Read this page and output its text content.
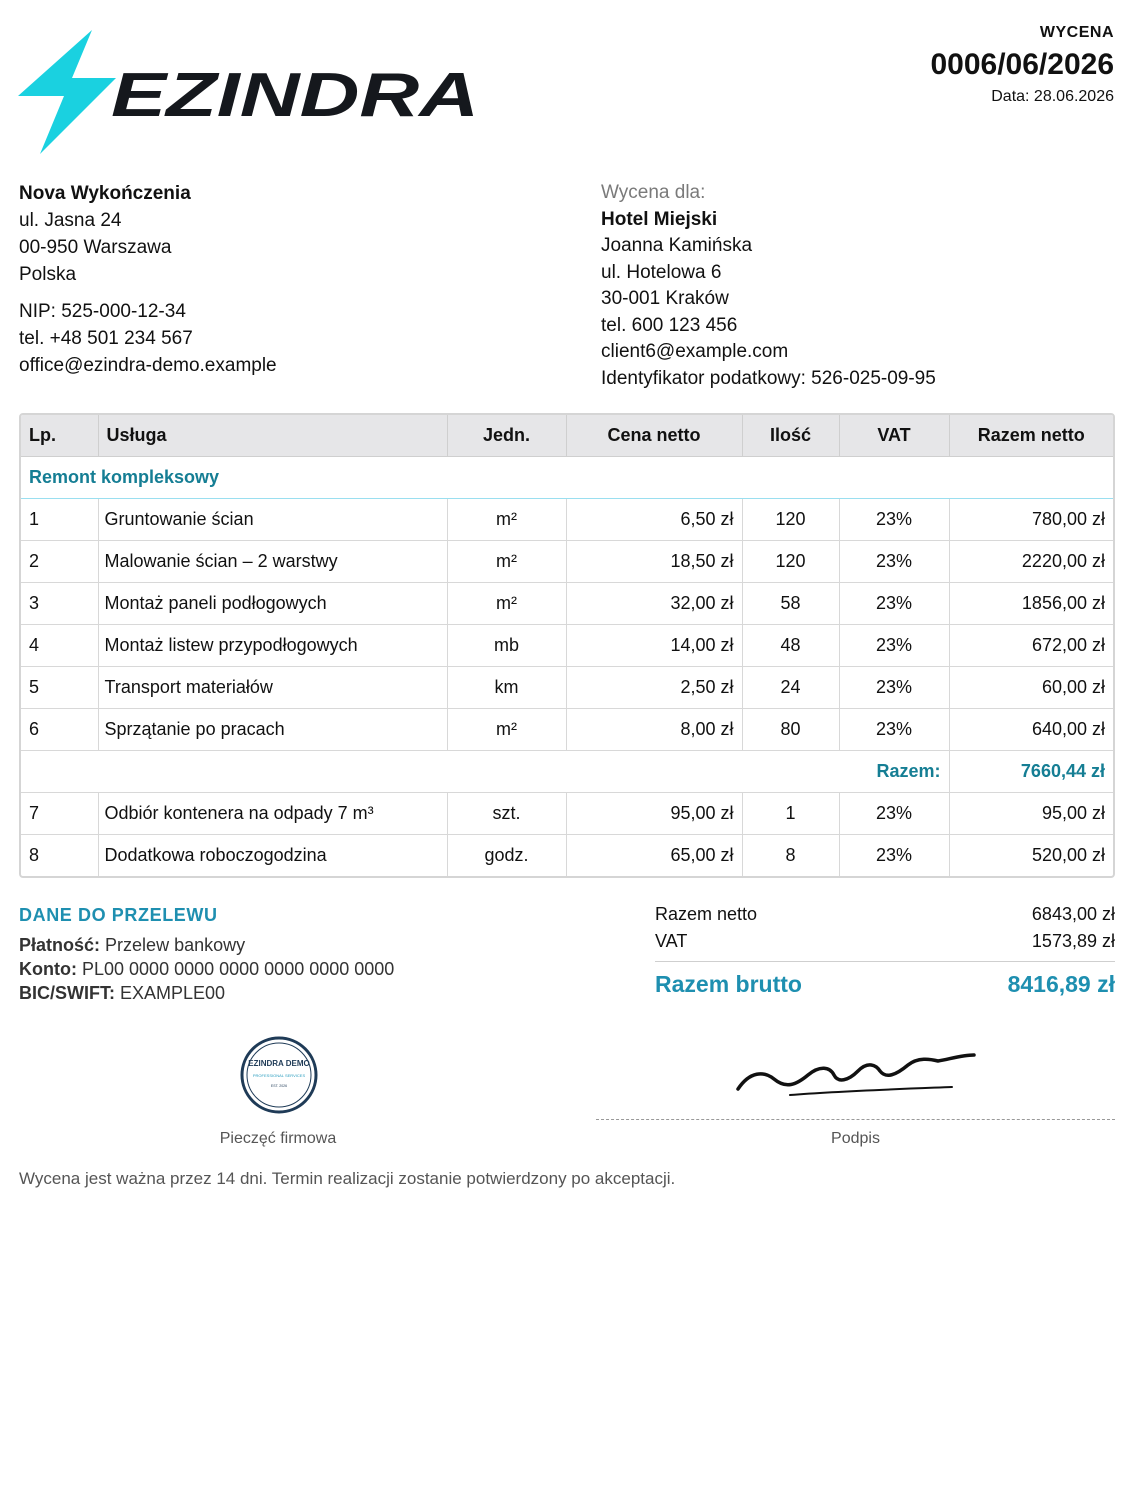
EZINDRA
WYCENA
0006/06/2026
Data: 28.06.2026
Nova Wykończenia
ul. Jasna 24
00-950 Warszawa
Polska
NIP: 525-000-12-34
tel. +48 501 234 567
office@ezindra-demo.example
Wycena dla:
Hotel Miejski
Joanna Kamińska
ul. Hotelowa 6
30-001 Kraków
tel. 600 123 456
client6@example.com
Identyfikator podatkowy: 526-025-09-95
Lp.	Usługa	Jedn.	Cena netto	Ilość	VAT	Razem netto
Remont kompleksowy						
1	Gruntowanie ścian	m²	6,50 zł	120	23%	780,00 zł
2	Malowanie ścian – 2 warstwy	m²	18,50 zł	120	23%	2220,00 zł
3	Montaż paneli podłogowych	m²	32,00 zł	58	23%	1856,00 zł
4	Montaż listew przypodłogowych	mb	14,00 zł	48	23%	672,00 zł
5	Transport materiałów	km	2,50 zł	24	23%	60,00 zł
6	Sprzątanie po pracach	m²	8,00 zł	80	23%	640,00 zł
Razem:						7660,44 zł
7	Odbiór kontenera na odpady 7 m³	szt.	95,00 zł	1	23%	95,00 zł
8	Dodatkowa roboczogodzina	godz.	65,00 zł	8	23%	520,00 zł
DANE DO PRZELEWU
Płatność: Przelew bankowy
Konto: PL00 0000 0000 0000 0000 0000 0000
BIC/SWIFT: EXAMPLE00
Razem netto	6843,00 zł
VAT	1573,89 zł
Razem brutto	8416,89 zł
EZINDRA DEMO
PROFESSIONAL SERVICES
EST. 2026
Pieczęć firmowa	Podpis
Wycena jest ważna przez 14 dni. Termin realizacji zostanie potwierdzony po akceptacji.
